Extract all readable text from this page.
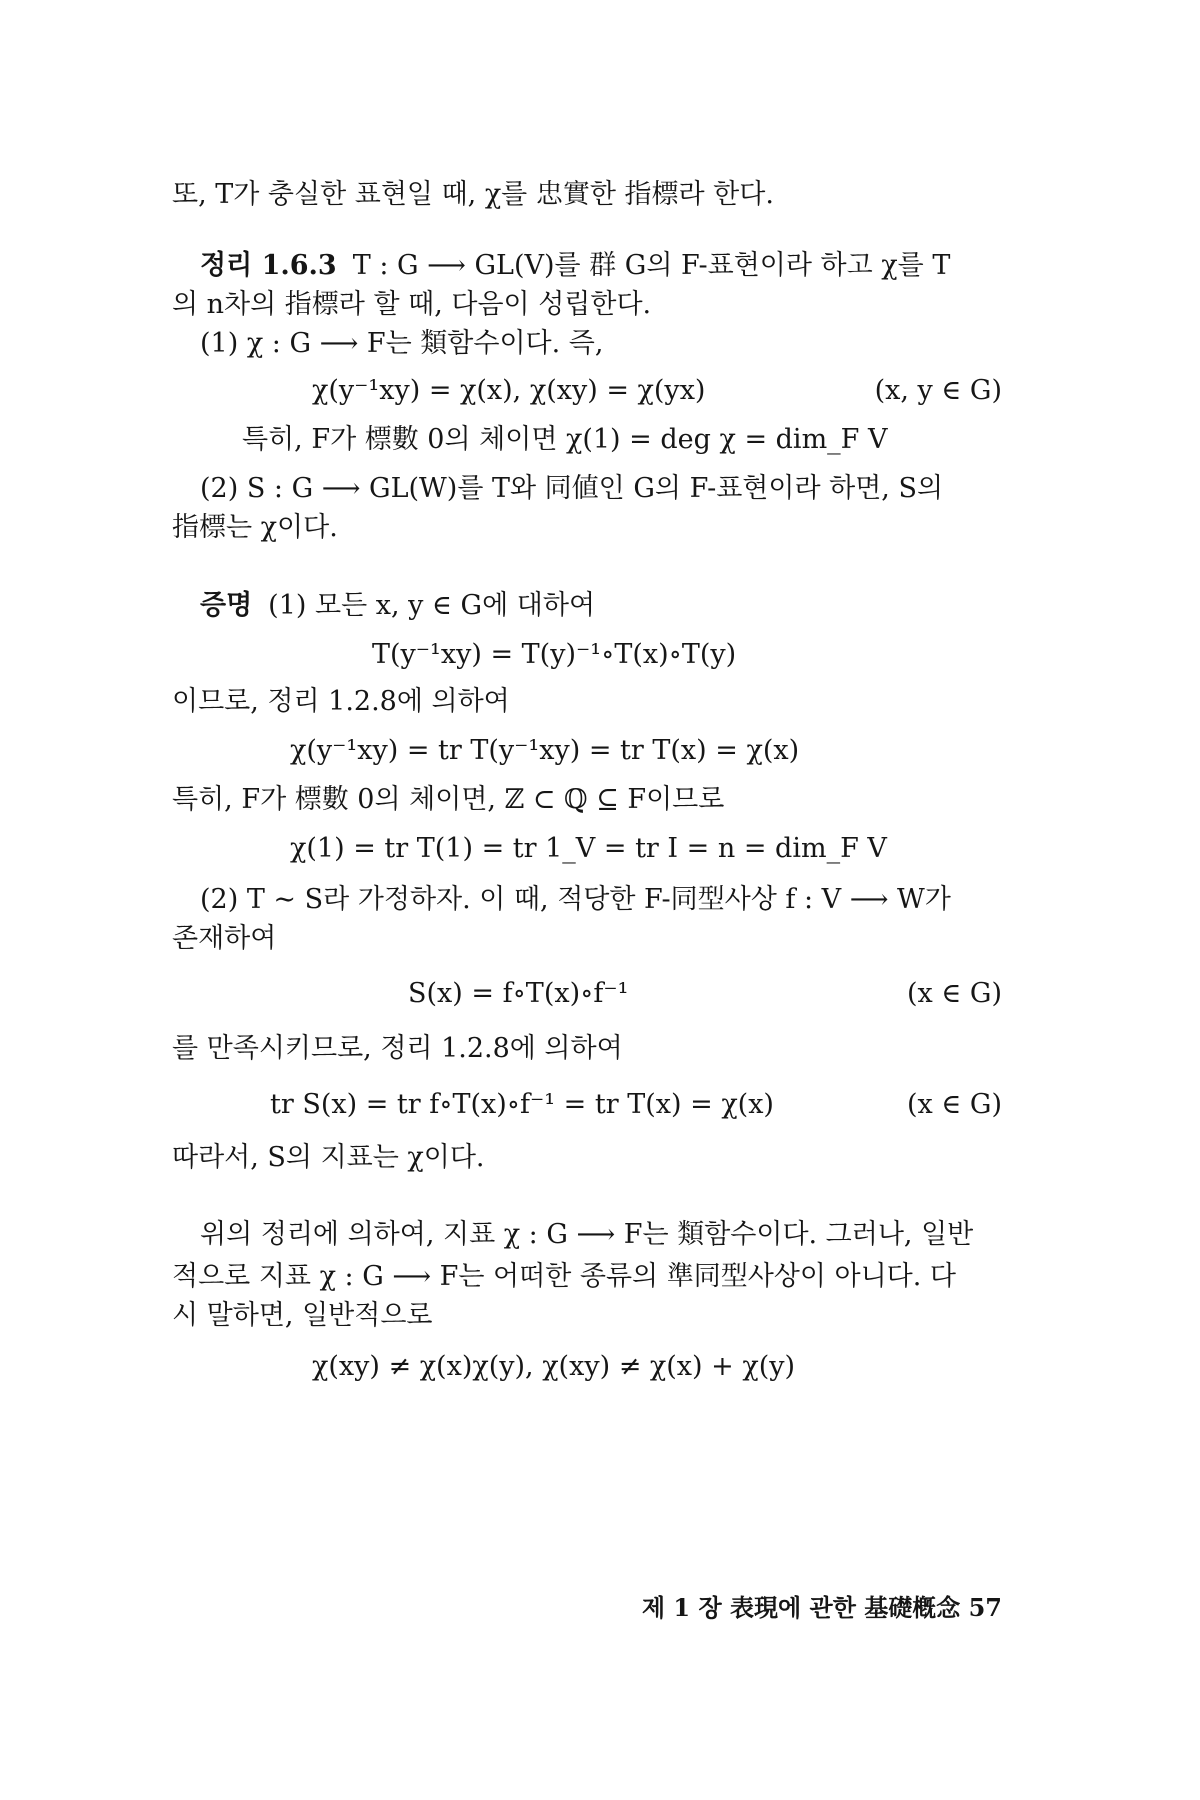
또, T가 충실한 표현일 때, χ를 忠實한 指標라 한다.
정리 1.6.3 T : G ⟶ GL(V)를 群 G의 F-표현이라 하고 χ를 T
의 n차의 指標라 할 때, 다음이 성립한다.
(1) χ : G ⟶ F는 類함수이다. 즉,
χ(y⁻¹xy) = χ(x), χ(xy) = χ(yx)	(x, y ∈ G)
특히, F가 標數 0의 체이면 χ(1) = deg χ = dim_F V
(2) S : G ⟶ GL(W)를 T와 同値인 G의 F-표현이라 하면, S의
指標는 χ이다.
증명 (1) 모든 x, y ∈ G에 대하여
T(y⁻¹xy) = T(y)⁻¹∘T(x)∘T(y)
이므로, 정리 1.2.8에 의하여
χ(y⁻¹xy) = tr T(y⁻¹xy) = tr T(x) = χ(x)
특히, F가 標數 0의 체이면, ℤ ⊂ ℚ ⊆ F이므로
χ(1) = tr T(1) = tr 1_V = tr I = n = dim_F V
(2) T ∼ S라 가정하자. 이 때, 적당한 F-同型사상 f : V ⟶ W가
존재하여
S(x) = f∘T(x)∘f⁻¹	(x ∈ G)
를 만족시키므로, 정리 1.2.8에 의하여
tr S(x) = tr f∘T(x)∘f⁻¹ = tr T(x) = χ(x)	(x ∈ G)
따라서, S의 지표는 χ이다.
위의 정리에 의하여, 지표 χ : G ⟶ F는 類함수이다. 그러나, 일반
적으로 지표 χ : G ⟶ F는 어떠한 종류의 準同型사상이 아니다. 다
시 말하면, 일반적으로
χ(xy) ≠ χ(x)χ(y), χ(xy) ≠ χ(x) + χ(y)
제 1 장 表現에 관한 基礎槪念 57
